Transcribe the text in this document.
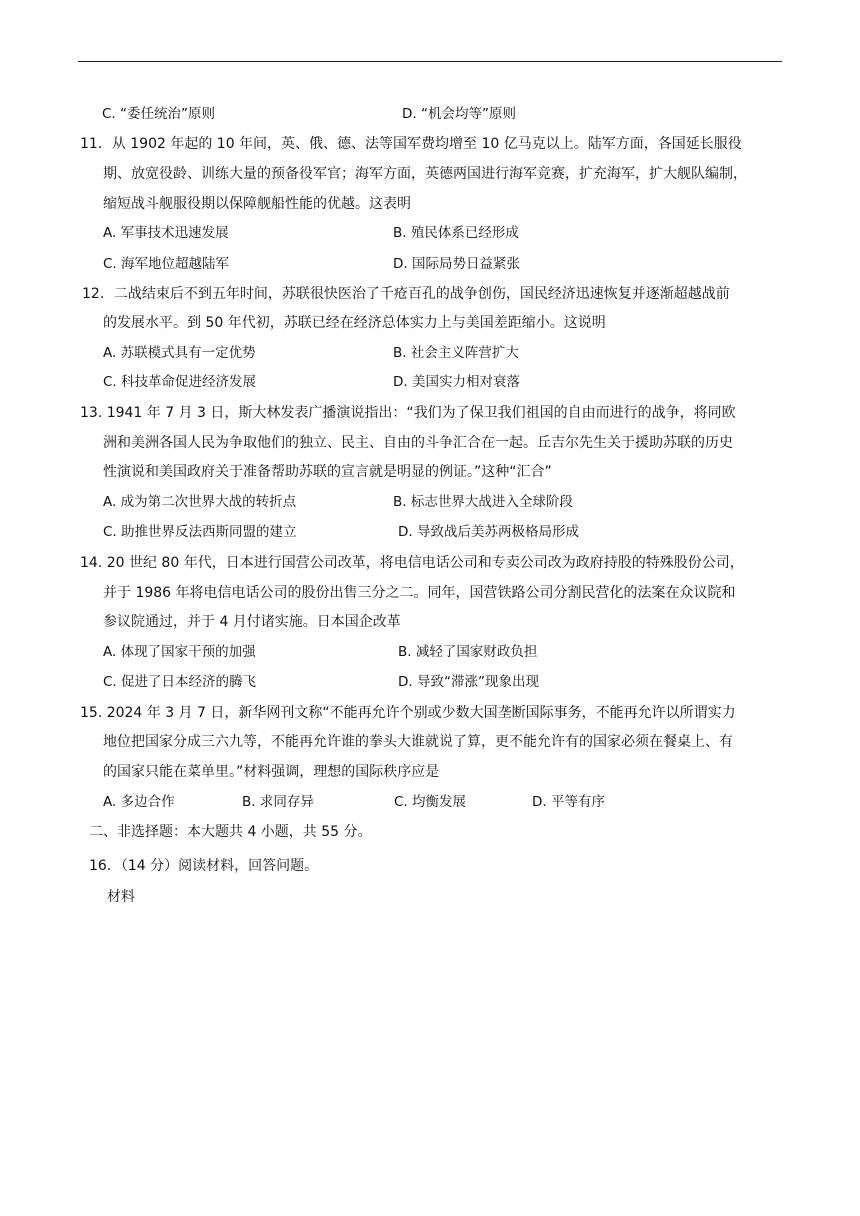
C. “委任统治”原则	D. “机会均等”原则
11．从 1902 年起的 10 年间，英、俄、德、法等国军费均增至 10 亿马克以上。陆军方面，各国延长服役
期、放宽役龄、训练大量的预备役军官；海军方面，英德两国进行海军竞赛，扩充海军，扩大舰队编制，
缩短战斗舰服役期以保障舰船性能的优越。这表明
A. 军事技术迅速发展	B. 殖民体系已经形成
C. 海军地位超越陆军	D. 国际局势日益紧张
12．二战结束后不到五年时间，苏联很快医治了千疮百孔的战争创伤，国民经济迅速恢复并逐渐超越战前
的发展水平。到 50 年代初，苏联已经在经济总体实力上与美国差距缩小。这说明
A. 苏联模式具有一定优势	B. 社会主义阵营扩大
C. 科技革命促进经济发展	D. 美国实力相对衰落
13. 1941 年 7 月 3 日，斯大林发表广播演说指出：“我们为了保卫我们祖国的自由而进行的战争，将同欧
洲和美洲各国人民为争取他们的独立、民主、自由的斗争汇合在一起。丘吉尔先生关于援助苏联的历史
性演说和美国政府关于准备帮助苏联的宣言就是明显的例证。”这种“汇合”
A. 成为第二次世界大战的转折点	B. 标志世界大战进入全球阶段
C. 助推世界反法西斯同盟的建立	D. 导致战后美苏两极格局形成
14. 20 世纪 80 年代，日本进行国营公司改革，将电信电话公司和专卖公司改为政府持股的特殊股份公司，
并于 1986 年将电信电话公司的股份出售三分之二。同年，国营铁路公司分割民营化的法案在众议院和
参议院通过，并于 4 月付诸实施。日本国企改革
A. 体现了国家干预的加强	B. 减轻了国家财政负担
C. 促进了日本经济的腾飞	D. 导致“滞涨”现象出现
15. 2024 年 3 月 7 日，新华网刊文称“不能再允许个别或少数大国垄断国际事务，不能再允许以所谓实力
地位把国家分成三六九等，不能再允许谁的拳头大谁就说了算，更不能允许有的国家必须在餐桌上、有
的国家只能在菜单里。”材料强调，理想的国际秩序应是
A. 多边合作	B. 求同存异	C. 均衡发展	D. 平等有序
二、非选择题：本大题共 4 小题，共 55 分。
16．（14 分）阅读材料，回答问题。
材料
